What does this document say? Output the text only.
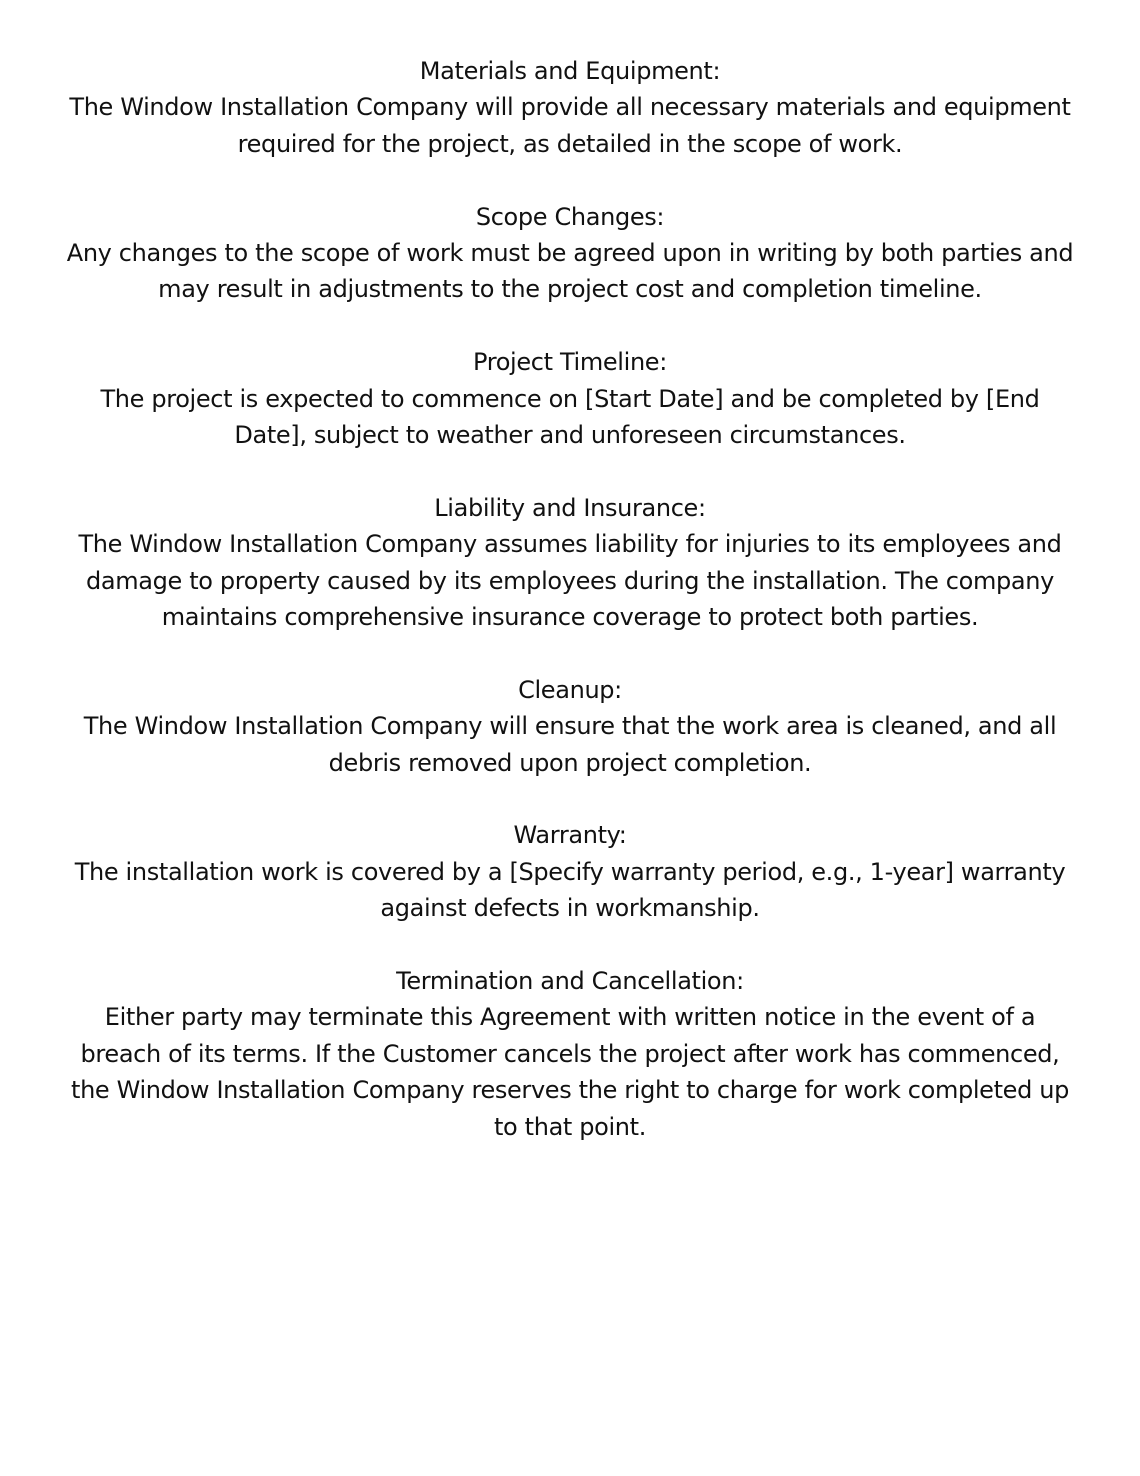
Materials and Equipment:
The Window Installation Company will provide all necessary materials and equipment
required for the project, as detailed in the scope of work.
Scope Changes:
Any changes to the scope of work must be agreed upon in writing by both parties and
may result in adjustments to the project cost and completion timeline.
Project Timeline:
The project is expected to commence on [Start Date] and be completed by [End
Date], subject to weather and unforeseen circumstances.
Liability and Insurance:
The Window Installation Company assumes liability for injuries to its employees and
damage to property caused by its employees during the installation. The company
maintains comprehensive insurance coverage to protect both parties.
Cleanup:
The Window Installation Company will ensure that the work area is cleaned, and all
debris removed upon project completion.
Warranty:
The installation work is covered by a [Specify warranty period, e.g., 1-year] warranty
against defects in workmanship.
Termination and Cancellation:
Either party may terminate this Agreement with written notice in the event of a
breach of its terms. If the Customer cancels the project after work has commenced,
the Window Installation Company reserves the right to charge for work completed up
to that point.
